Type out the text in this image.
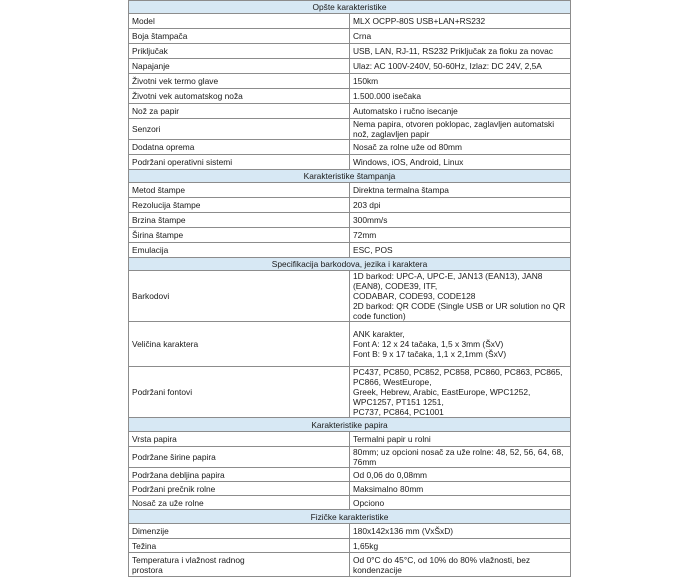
Opšte karakteristike	
Model	MLX OCPP-80S USB+LAN+RS232
Boja štampača	Crna
Priključak	USB, LAN, RJ-11, RS232 Priključak za fioku za novac
Napajanje	Ulaz: AC 100V-240V, 50-60Hz, Izlaz: DC 24V, 2,5A
Životni vek termo glave	150km
Životni vek automatskog noža	1.500.000 isečaka
Nož za papir	Automatsko i ručno isecanje
Senzori	Nema papira, otvoren poklopac, zaglavljen automatski nož, zaglavljen papir
Dodatna oprema	Nosač za rolne uže od 80mm
Podržani operativni sistemi	Windows, iOS, Android, Linux
Karakteristike štampanja	
Metod štampe	Direktna termalna štampa
Rezolucija štampe	203 dpi
Brzina štampe	300mm/s
Širina štampe	72mm
Emulacija	ESC, POS
Specifikacija barkodova, jezika i karaktera	
Barkodovi	1D barkod: UPC-A, UPC-E, JAN13 (EAN13), JAN8 (EAN8), CODE39, ITF,
CODABAR, CODE93, CODE128
2D barkod: QR CODE (Single USB or UR solution no QR code function)
Veličina karaktera	ANK karakter,
Font A: 12 x 24 tačaka, 1,5 x 3mm (ŠxV)
Font B: 9 x 17 tačaka, 1,1 x 2,1mm (ŠxV)
Podržani fontovi	PC437, PC850, PC852, PC858, PC860, PC863, PC865, PC866, WestEurope,
Greek, Hebrew, Arabic, EastEurope, WPC1252, WPC1257, PT151 1251,
PC737, PC864, PC1001
Karakteristike papira	
Vrsta papira	Termalni papir u rolni
Podržane širine papira	80mm; uz opcioni nosač za uže rolne: 48, 52, 56, 64, 68, 76mm
Podržana debljina papira	Od 0,06 do 0,08mm
Podržani prečnik rolne	Maksimalno 80mm
Nosač za uže rolne	Opciono
Fizičke karakteristike	
Dimenzije	180x142x136 mm (VxŠxD)
Težina	1,65kg
Temperatura i vlažnost radnog
prostora	Od 0°C do 45°C, od 10% do 80% vlažnosti, bez kondenzacije
